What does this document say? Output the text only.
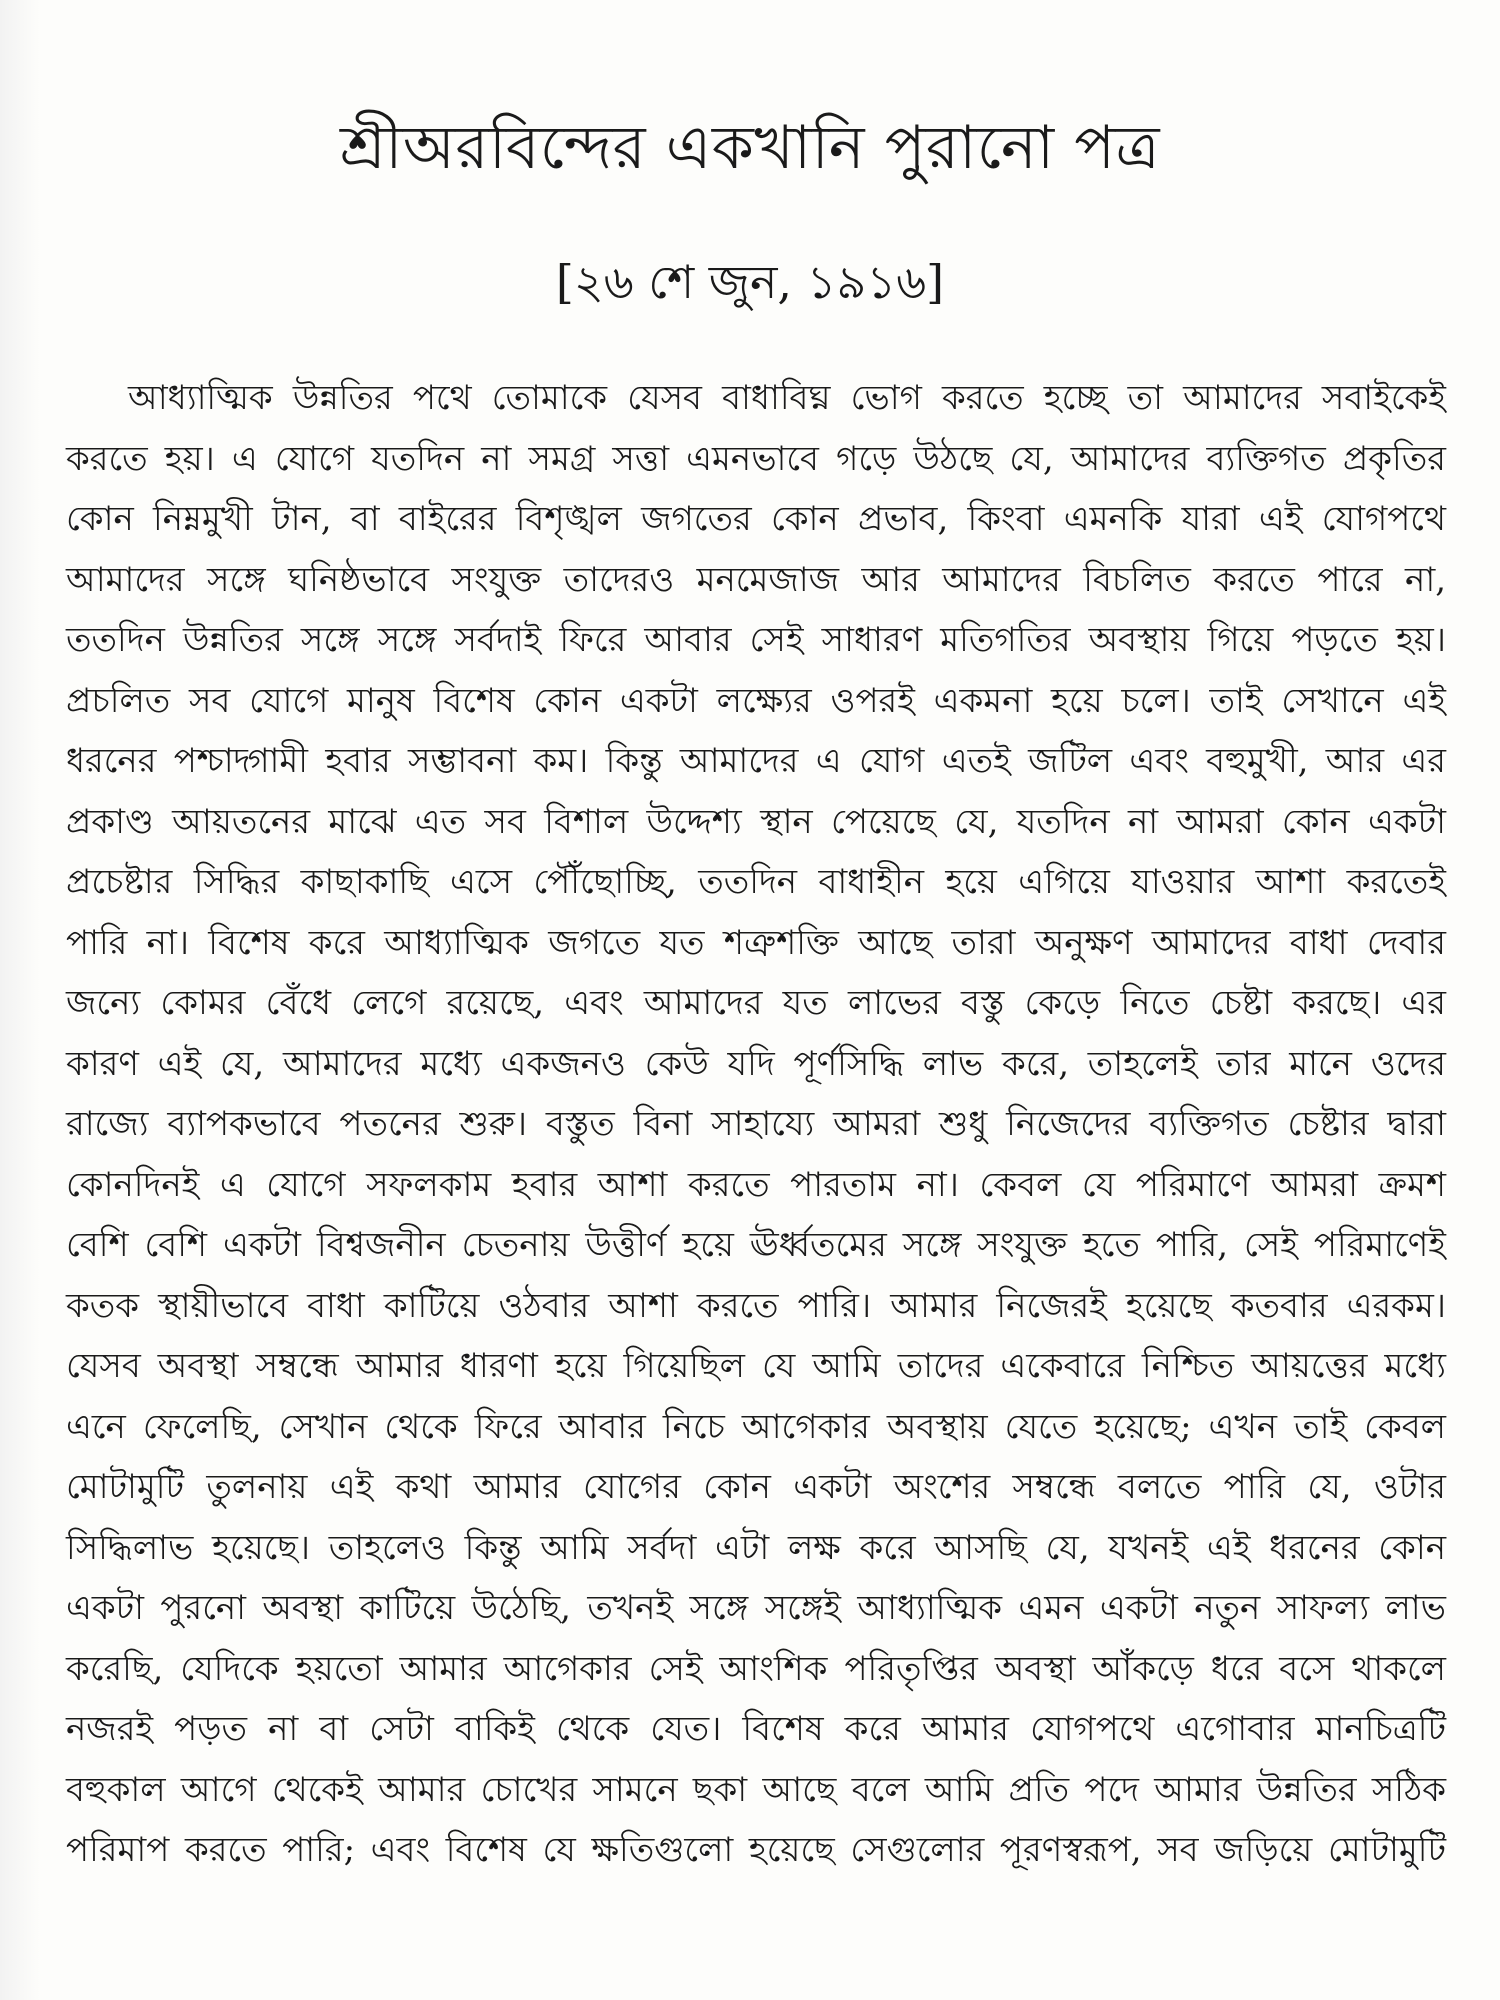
শ্রীঅরবিন্দের একখানি পুরানো পত্র
[২৬ শে জুন, ১৯১৬]
আধ্যাত্মিক উন্নতির পথে তোমাকে যেসব বাধাবিঘ্ন ভোগ করতে হচ্ছে তা আমাদের সবাইকেই
করতে হয়। এ যোগে যতদিন না সমগ্র সত্তা এমনভাবে গড়ে উঠছে যে, আমাদের ব্যক্তিগত প্রকৃতির
কোন নিম্নমুখী টান, বা বাইরের বিশৃঙ্খল জগতের কোন প্রভাব, কিংবা এমনকি যারা এই যোগপথে
আমাদের সঙ্গে ঘনিষ্ঠভাবে সংযুক্ত তাদেরও মনমেজাজ আর আমাদের বিচলিত করতে পারে না,
ততদিন উন্নতির সঙ্গে সঙ্গে সর্বদাই ফিরে আবার সেই সাধারণ মতিগতির অবস্থায় গিয়ে পড়তে হয়।
প্রচলিত সব যোগে মানুষ বিশেষ কোন একটা লক্ষ্যের ওপরই একমনা হয়ে চলে। তাই সেখানে এই
ধরনের পশ্চাদ্গামী হবার সম্ভাবনা কম। কিন্তু আমাদের এ যোগ এতই জটিল এবং বহুমুখী, আর এর
প্রকাণ্ড আয়তনের মাঝে এত সব বিশাল উদ্দেশ্য স্থান পেয়েছে যে, যতদিন না আমরা কোন একটা
প্রচেষ্টার সিদ্ধির কাছাকাছি এসে পৌঁছোচ্ছি, ততদিন বাধাহীন হয়ে এগিয়ে যাওয়ার আশা করতেই
পারি না। বিশেষ করে আধ্যাত্মিক জগতে যত শত্রুশক্তি আছে তারা অনুক্ষণ আমাদের বাধা দেবার
জন্যে কোমর বেঁধে লেগে রয়েছে, এবং আমাদের যত লাভের বস্তু কেড়ে নিতে চেষ্টা করছে। এর
কারণ এই যে, আমাদের মধ্যে একজনও কেউ যদি পূর্ণসিদ্ধি লাভ করে, তাহলেই তার মানে ওদের
রাজ্যে ব্যাপকভাবে পতনের শুরু। বস্তুত বিনা সাহায্যে আমরা শুধু নিজেদের ব্যক্তিগত চেষ্টার দ্বারা
কোনদিনই এ যোগে সফলকাম হবার আশা করতে পারতাম না। কেবল যে পরিমাণে আমরা ক্রমশ
বেশি বেশি একটা বিশ্বজনীন চেতনায় উত্তীর্ণ হয়ে ঊর্ধ্বতমের সঙ্গে সংযুক্ত হতে পারি, সেই পরিমাণেই
কতক স্থায়ীভাবে বাধা কাটিয়ে ওঠবার আশা করতে পারি। আমার নিজেরই হয়েছে কতবার এরকম।
যেসব অবস্থা সম্বন্ধে আমার ধারণা হয়ে গিয়েছিল যে আমি তাদের একেবারে নিশ্চিত আয়ত্তের মধ্যে
এনে ফেলেছি, সেখান থেকে ফিরে আবার নিচে আগেকার অবস্থায় যেতে হয়েছে; এখন তাই কেবল
মোটামুটি তুলনায় এই কথা আমার যোগের কোন একটা অংশের সম্বন্ধে বলতে পারি যে, ওটার
সিদ্ধিলাভ হয়েছে। তাহলেও কিন্তু আমি সর্বদা এটা লক্ষ করে আসছি যে, যখনই এই ধরনের কোন
একটা পুরনো অবস্থা কাটিয়ে উঠেছি, তখনই সঙ্গে সঙ্গেই আধ্যাত্মিক এমন একটা নতুন সাফল্য লাভ
করেছি, যেদিকে হয়তো আমার আগেকার সেই আংশিক পরিতৃপ্তির অবস্থা আঁকড়ে ধরে বসে থাকলে
নজরই পড়ত না বা সেটা বাকিই থেকে যেত। বিশেষ করে আমার যোগপথে এগোবার মানচিত্রটি
বহুকাল আগে থেকেই আমার চোখের সামনে ছকা আছে বলে আমি প্রতি পদে আমার উন্নতির সঠিক
পরিমাপ করতে পারি; এবং বিশেষ যে ক্ষতিগুলো হয়েছে সেগুলোর পূরণস্বরূপ, সব জড়িয়ে মোটামুটি
